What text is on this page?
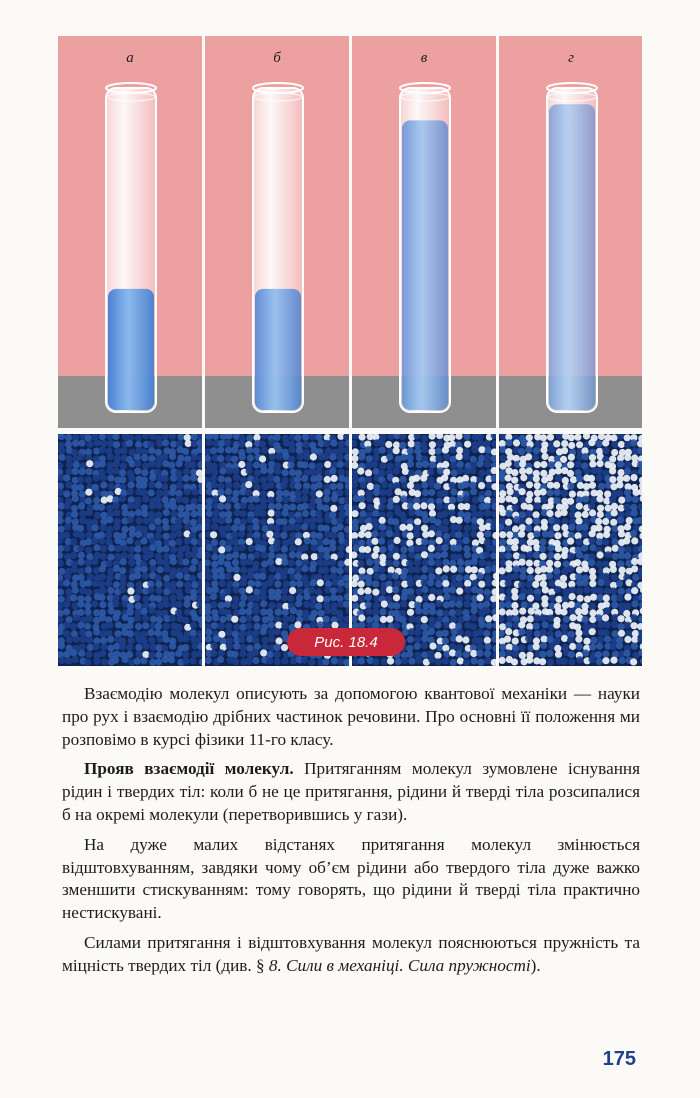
а	б	в	г
Рис. 18.4

Взаємодію молекул описують за допомогою квантової механіки — науки про рух і взаємодію дрібних частинок речовини. Про основні її положення ми розповімо в курсі фізики 11-го класу.

Прояв взаємодії молекул. Притяганням молекул зумовлене існування рідин і твердих тіл: коли б не це притягання, рідини й тверді тіла розсипалися б на окремі молекули (перетворившись у гази).

На дуже малих відстанях притягання молекул змінюється відштовхуванням, завдяки чому об’єм рідини або твердого тіла дуже важко зменшити стискуванням: тому говорять, що рідини й тверді тіла практично нестискувані.

Силами притягання і відштовхування молекул пояснюються пружність та міцність твердих тіл (див. § 8. Сили в механіці. Сила пружності).

175
